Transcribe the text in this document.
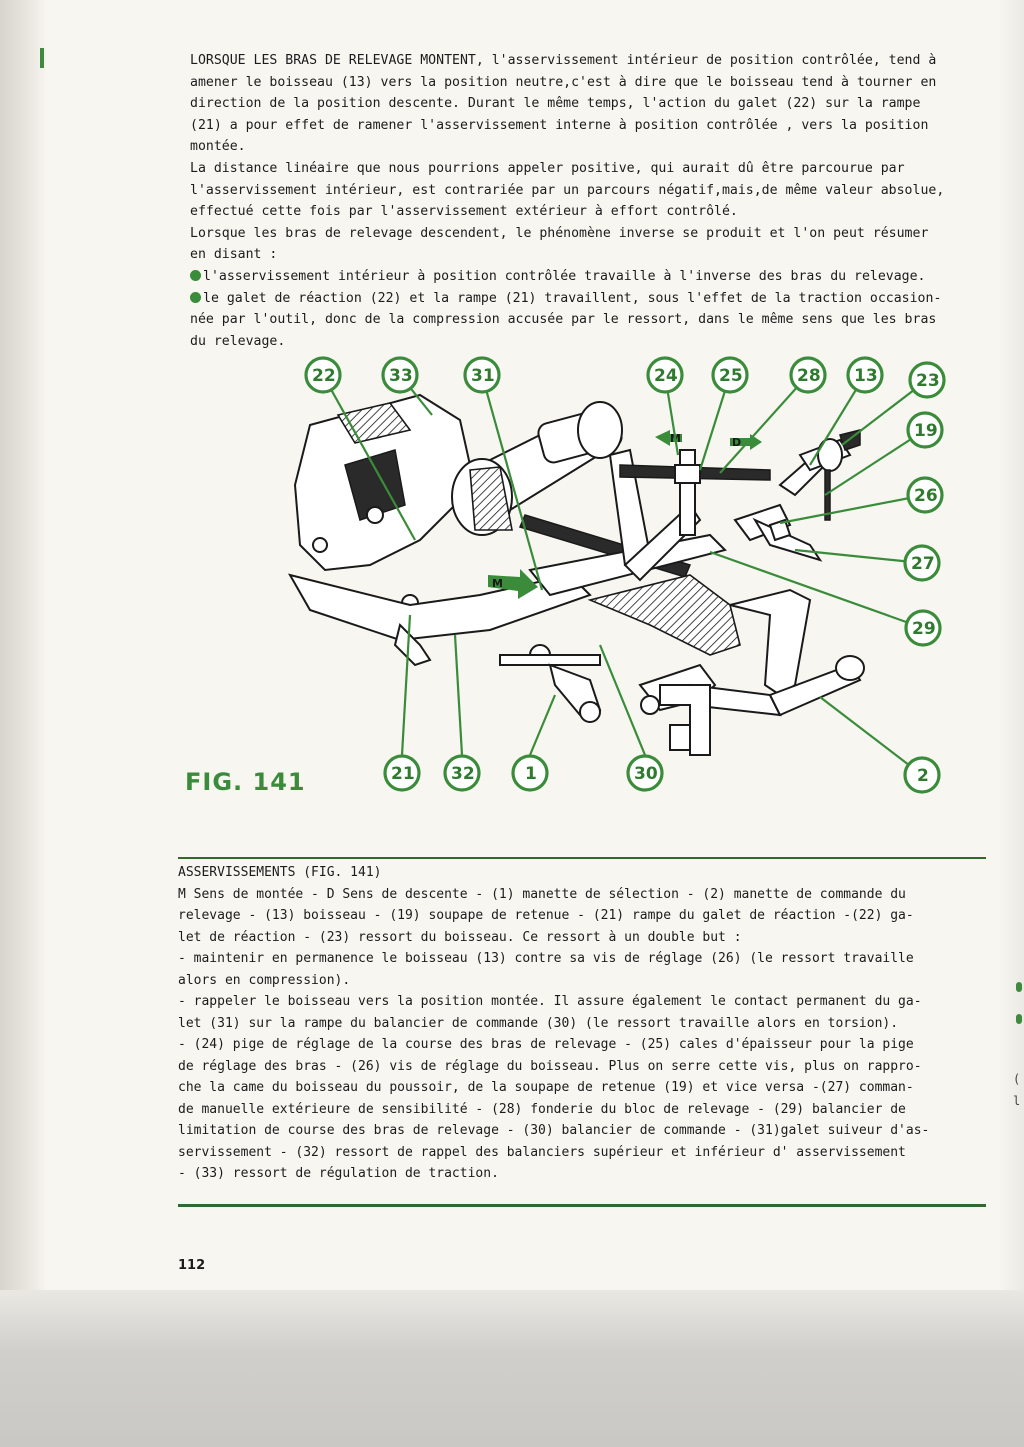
(
l

LORSQUE LES BRAS DE RELEVAGE MONTENT, l'asservissement intérieur de position contrôlée, tend à

amener le boisseau (13) vers la position neutre,c'est à dire que le boisseau tend à tourner en

direction de la position descente. Durant le même temps, l'action du galet (22) sur la rampe

(21) a pour effet de ramener l'asservissement interne à position contrôlée , vers la position

montée.

La distance linéaire que nous pourrions appeler positive, qui aurait dû être parcourue par

l'asservissement intérieur, est contrariée par un parcours négatif,mais,de même valeur absolue,

effectué cette fois par l'asservissement extérieur à effort contrôlé.

Lorsque les bras de relevage descendent, le phénomène inverse se produit et l'on peut résumer

en disant :

l'asservissement intérieur à position contrôlée travaille à l'inverse des bras du relevage.

le galet de réaction (22) et la rampe (21) travaillent, sous l'effet de la traction occasion-

née par l'outil, donc de la compression accusée par le ressort, dans le même sens que les bras

du relevage.

M	D
M
22	33	31	24 25	28 13 23
19
26
27
29
2
21 32	1	30
FIG. 141

ASSERVISSEMENTS (FIG. 141)

M Sens de montée - D Sens de descente - (1) manette de sélection - (2) manette de commande du

relevage - (13) boisseau - (19) soupape de retenue - (21) rampe du galet de réaction -(22) ga-

let de réaction - (23) ressort du boisseau. Ce ressort à un double but :

- maintenir en permanence le boisseau (13) contre sa vis de réglage (26) (le ressort travaille

alors en compression).

- rappeler le boisseau vers la position montée. Il assure également le contact permanent du ga-

let (31) sur la rampe du balancier de commande (30) (le ressort travaille alors en torsion).

- (24) pige de réglage de la course des bras de relevage - (25) cales d'épaisseur pour la pige

de réglage des bras - (26) vis de réglage du boisseau. Plus on serre cette vis, plus on rappro-

che la came du boisseau du poussoir, de la soupape de retenue (19) et vice versa -(27) comman-

de manuelle extérieure de sensibilité - (28) fonderie du bloc de relevage - (29) balancier de

limitation de course des bras de relevage - (30) balancier de commande - (31)galet suiveur d'as-

servissement - (32) ressort de rappel des balanciers supérieur et inférieur d' asservissement

- (33) ressort de régulation de traction.

112
